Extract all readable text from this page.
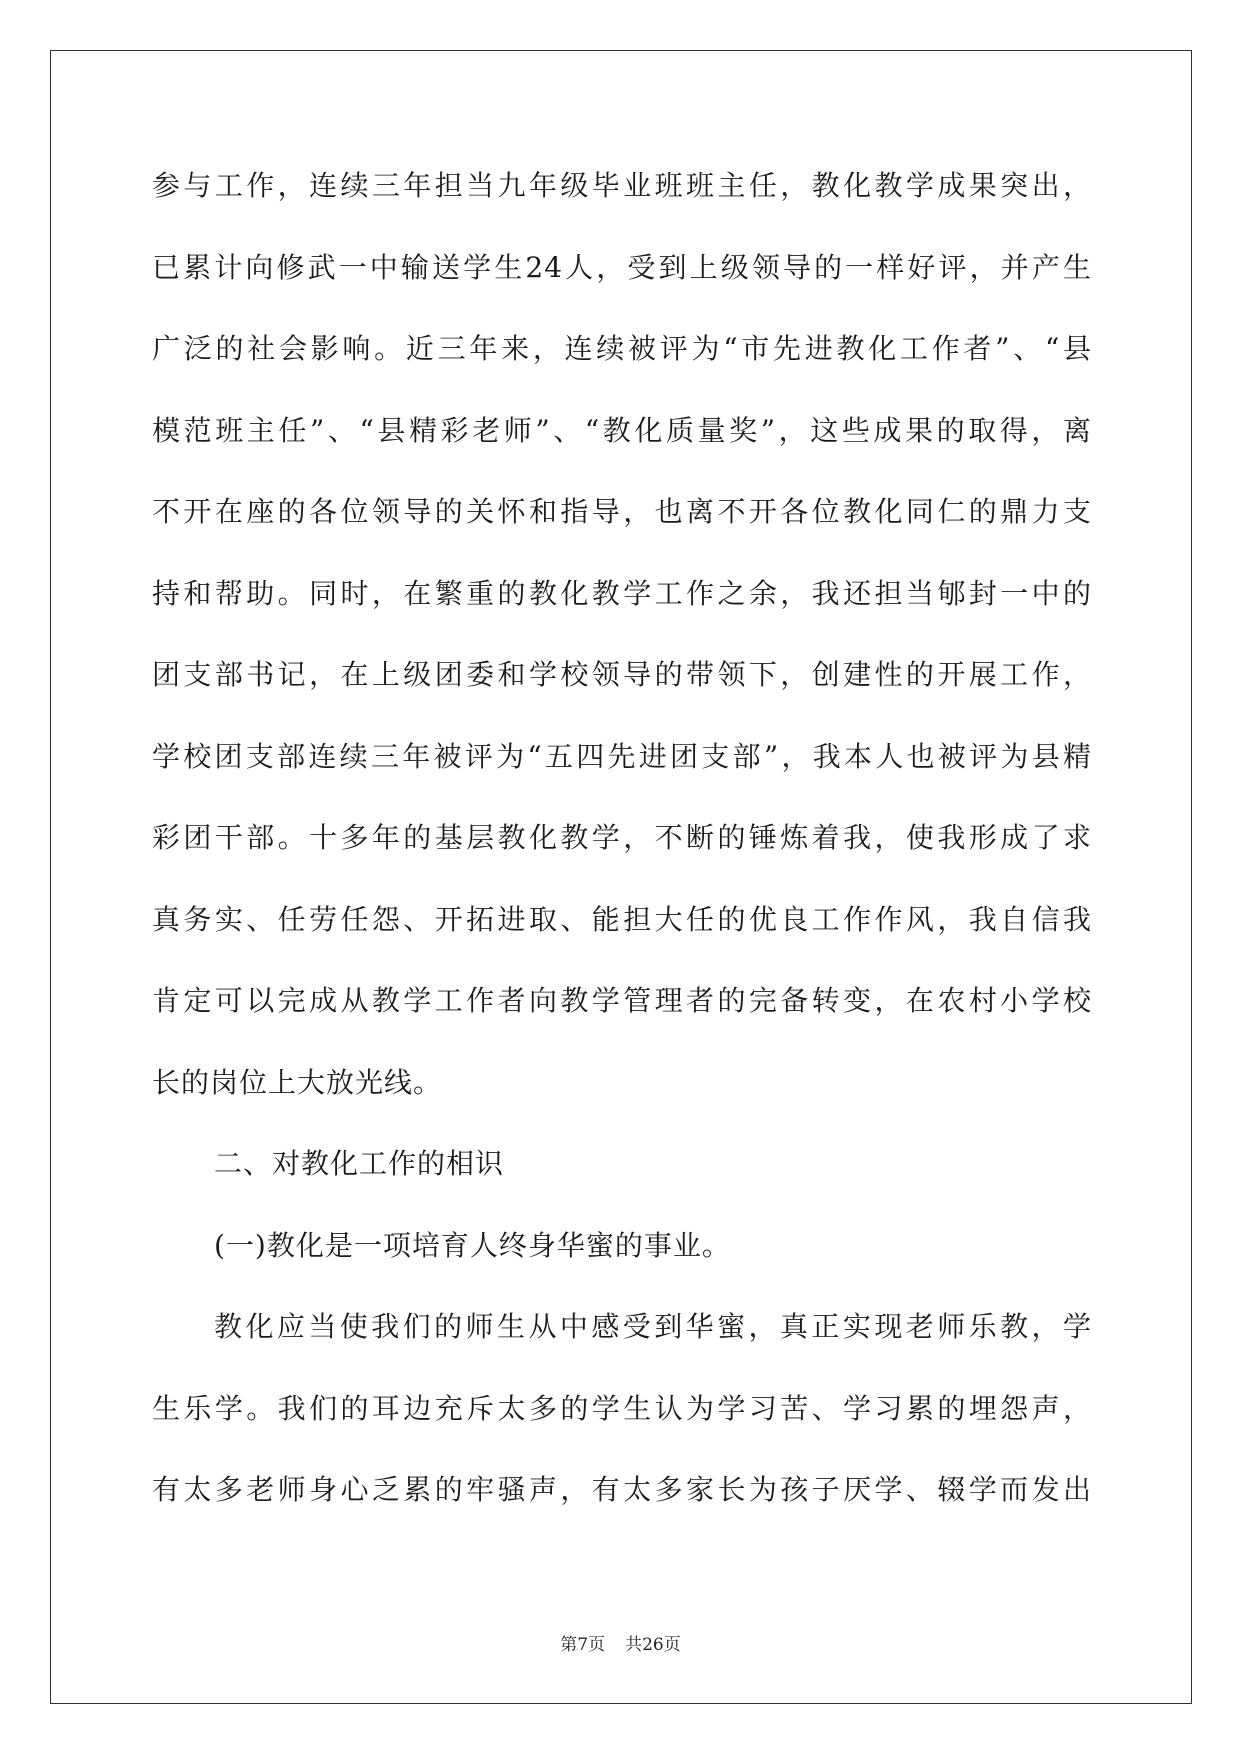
参与工作，连续三年担当九年级毕业班班主任，教化教学成果突出，
已累计向修武一中输送学生24人，受到上级领导的一样好评，并产生
广泛的社会影响。近三年来，连续被评为“市先进教化工作者”、“县
模范班主任”、“县精彩老师”、“教化质量奖”，这些成果的取得，离
不开在座的各位领导的关怀和指导，也离不开各位教化同仁的鼎力支
持和帮助。同时，在繁重的教化教学工作之余，我还担当郇封一中的
团支部书记，在上级团委和学校领导的带领下，创建性的开展工作，
学校团支部连续三年被评为“五四先进团支部”，我本人也被评为县精
彩团干部。十多年的基层教化教学，不断的锤炼着我，使我形成了求
真务实、任劳任怨、开拓进取、能担大任的优良工作作风，我自信我
肯定可以完成从教学工作者向教学管理者的完备转变，在农村小学校
长的岗位上大放光线。
二、对教化工作的相识
(一)教化是一项培育人终身华蜜的事业。
教化应当使我们的师生从中感受到华蜜，真正实现老师乐教，学
生乐学。我们的耳边充斥太多的学生认为学习苦、学习累的埋怨声，
有太多老师身心乏累的牢骚声，有太多家长为孩子厌学、辍学而发出
第7页 共26页
